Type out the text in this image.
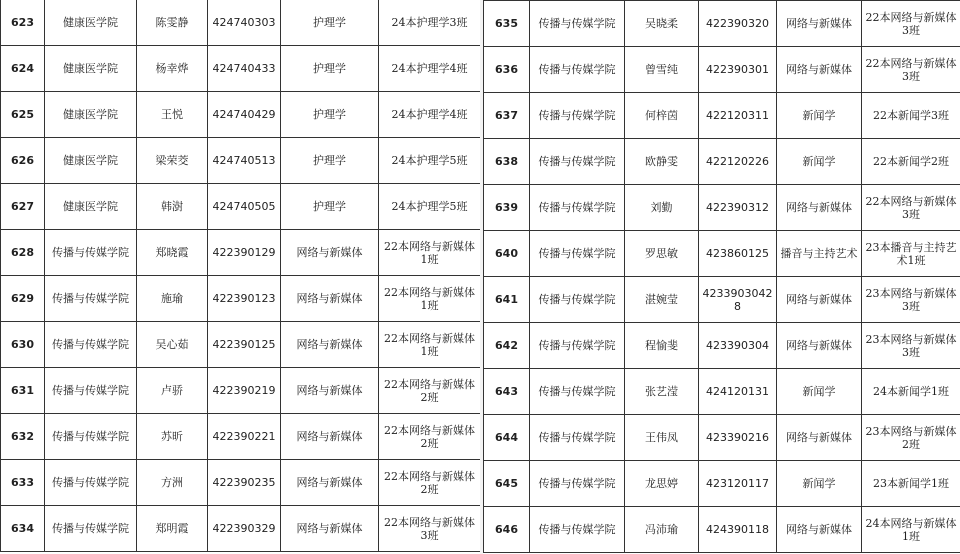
623	健康医学院	陈雯静	424740303	护理学	24本护理学3班
624	健康医学院	杨幸烨	424740433	护理学	24本护理学4班
625	健康医学院	王悦	424740429	护理学	24本护理学4班
626	健康医学院	梁荣茭	424740513	护理学	24本护理学5班
627	健康医学院	韩澍	424740505	护理学	24本护理学5班
628	传播与传媒学院	郑晓霞	422390129	网络与新媒体	22本网络与新媒体1班
629	传播与传媒学院	施瑜	422390123	网络与新媒体	22本网络与新媒体1班
630	传播与传媒学院	吴心茹	422390125	网络与新媒体	22本网络与新媒体1班
631	传播与传媒学院	卢骄	422390219	网络与新媒体	22本网络与新媒体2班
632	传播与传媒学院	苏昕	422390221	网络与新媒体	22本网络与新媒体2班
633	传播与传媒学院	方洲	422390235	网络与新媒体	22本网络与新媒体2班
634	传播与传媒学院	郑明霞	422390329	网络与新媒体	22本网络与新媒体3班
635	传播与传媒学院	吴晓柔	422390320	网络与新媒体	22本网络与新媒体3班
636	传播与传媒学院	曾雪纯	422390301	网络与新媒体	22本网络与新媒体3班
637	传播与传媒学院	何梓茵	422120311	新闻学	22本新闻学3班
638	传播与传媒学院	欧静雯	422120226	新闻学	22本新闻学2班
639	传播与传媒学院	刘勤	422390312	网络与新媒体	22本网络与新媒体3班
640	传播与传媒学院	罗思敏	423860125	播音与主持艺术	23本播音与主持艺术1班
641	传播与传媒学院	湛婉莹	42339030428	网络与新媒体	23本网络与新媒体3班
642	传播与传媒学院	程愉斐	423390304	网络与新媒体	23本网络与新媒体3班
643	传播与传媒学院	张艺滢	424120131	新闻学	24本新闻学1班
644	传播与传媒学院	王伟凤	423390216	网络与新媒体	23本网络与新媒体2班
645	传播与传媒学院	龙思婷	423120117	新闻学	23本新闻学1班
646	传播与传媒学院	冯沛瑜	424390118	网络与新媒体	24本网络与新媒体1班
